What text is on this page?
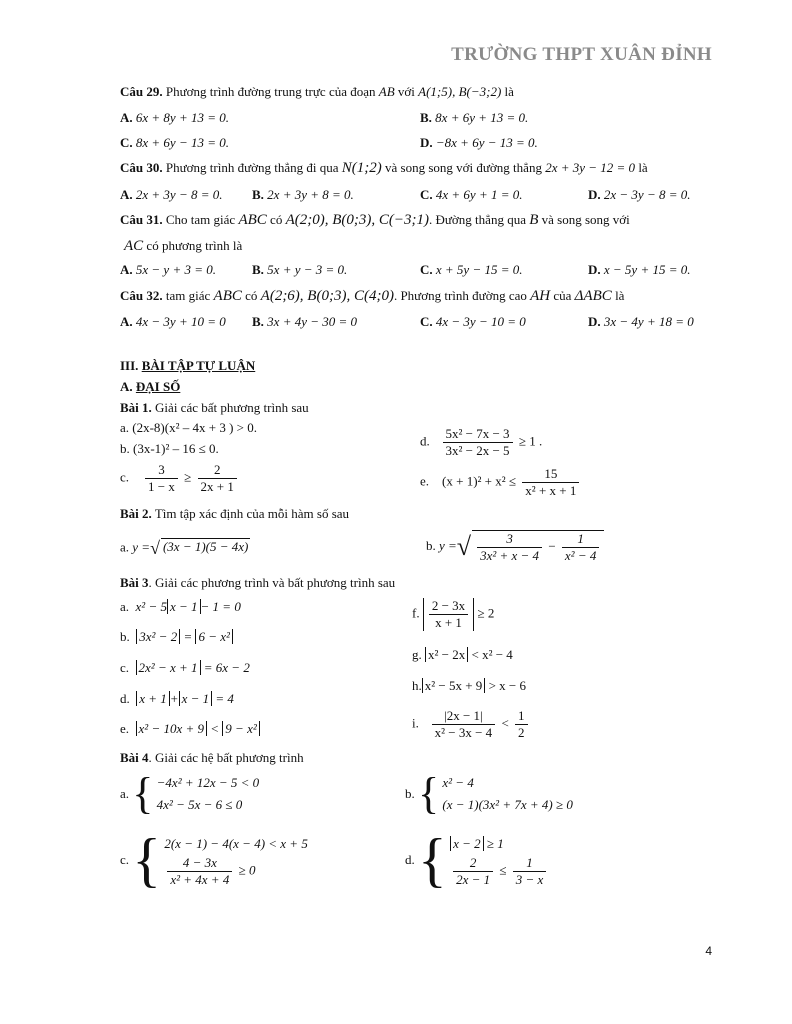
TRƯỜNG THPT XUÂN ĐỈNH
Câu 29. Phương trình đường trung trực của đoạn AB với A(1;5), B(−3;2) là
A. 6x + 8y + 13 = 0.	B. 8x + 6y + 13 = 0.
C. 8x + 6y − 13 = 0.	D. −8x + 6y − 13 = 0.
Câu 30. Phương trình đường thẳng đi qua N(1;2) và song song với đường thẳng 2x + 3y − 12 = 0 là
A. 2x + 3y − 8 = 0. B. 2x + 3y + 8 = 0.	C. 4x + 6y + 1 = 0.	D. 2x − 3y − 8 = 0.
Câu 31. Cho tam giác ABC có A(2;0), B(0;3), C(−3;1). Đường thẳng qua B và song song với
AC có phương trình là
A. 5x − y + 3 = 0.	B. 5x + y − 3 = 0.	C. x + 5y − 15 = 0.	D. x − 5y + 15 = 0.
Câu 32. tam giác ABC có A(2;6), B(0;3), C(4;0). Phương trình đường cao AH của ΔABC là
A. 4x − 3y + 10 = 0 B. 3x + 4y − 30 = 0	C. 4x − 3y − 10 = 0	D. 3x − 4y + 18 = 0
III. BÀI TẬP TỰ LUẬN
A. ĐẠI SỐ
Bài 1. Giải các bất phương trình sau
a. (2x-8)(x² – 4x + 3 ) > 0.
b. (3x-1)² – 16 ≤ 0.
d. $\frac{\text{5x² − 7x − 3}}{\text{3x² − 2x − 5}} \ge 1$ .
c. $\frac{3}{1 - x} \ge \frac{2}{2x + 1}$	e. $(x + 1)^2 + x^2 \le \frac{15}{\text{x² + x + 1}}$
Bài 2. Tìm tập xác định của mỗi hàm số sau
a. y =√ (3x − 1)(5 − 4x)	b. y =√ $\frac{3}{\text{3x² + x − 4}} - \frac{1}{\text{x² − 4}}$
Bài 3. Giải các phương trình và bất phương trình sau
a. x² − 5 x − 1 − 1 = 0
b. 3x² − 2 = 6 − x²
c. 2x² − x + 1 = 6x − 2
d. x + 1 + x − 1 = 4
e. x² − 10x + 9 < 9 − x²
f. $\frac{2 - 3x}{x + 1} \ge 2$
g. x² − 2x < x² − 4
h. x² − 5x + 9 > x − 6
i. $\frac{|2x - 1|}{\text{x² − 3x − 4}} < \frac{1}{2}$
Bài 4. Giải các hệ bất phương trình
a. { −4x² + 12x − 5 < 0
4x² − 5x − 6 ≤ 0
b. { x² − 4
(x − 1)(3x² + 7x + 4) ≥ 0
c. { 2(x − 1) − 4(x − 4) < x + 5
$\frac{4 - 3x}{\text{x² + 4x + 4}} \ge 0$
d. { x − 2 ≥ 1
$\frac{2}{2x - 1} \le \frac{1}{3 - x}$
4
